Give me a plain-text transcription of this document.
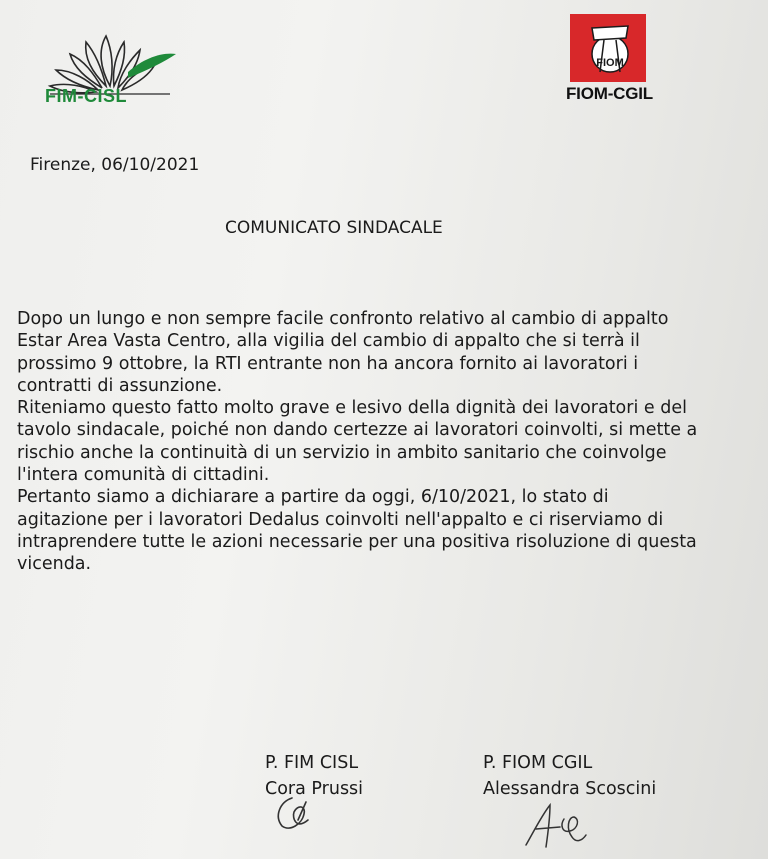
FIM-CISL
FIOM
FIOM-CGIL
Firenze, 06/10/2021
COMUNICATO SINDACALE
Dopo un lungo e non sempre facile confronto relativo al cambio di appalto
Estar Area Vasta Centro, alla vigilia del cambio di appalto che si terrà il
prossimo 9 ottobre, la RTI entrante non ha ancora fornito ai lavoratori i
contratti di assunzione.
Riteniamo questo fatto molto grave e lesivo della dignità dei lavoratori e del
tavolo sindacale, poiché non dando certezze ai lavoratori coinvolti, si mette a
rischio anche la continuità di un servizio in ambito sanitario che coinvolge
l'intera comunità di cittadini.
Pertanto siamo a dichiarare a partire da oggi, 6/10/2021, lo stato di
agitazione per i lavoratori Dedalus coinvolti nell'appalto e ci riserviamo di
intraprendere tutte le azioni necessarie per una positiva risoluzione di questa
vicenda.
P. FIM CISL
Cora Prussi
P. FIOM CGIL
Alessandra Scoscini
